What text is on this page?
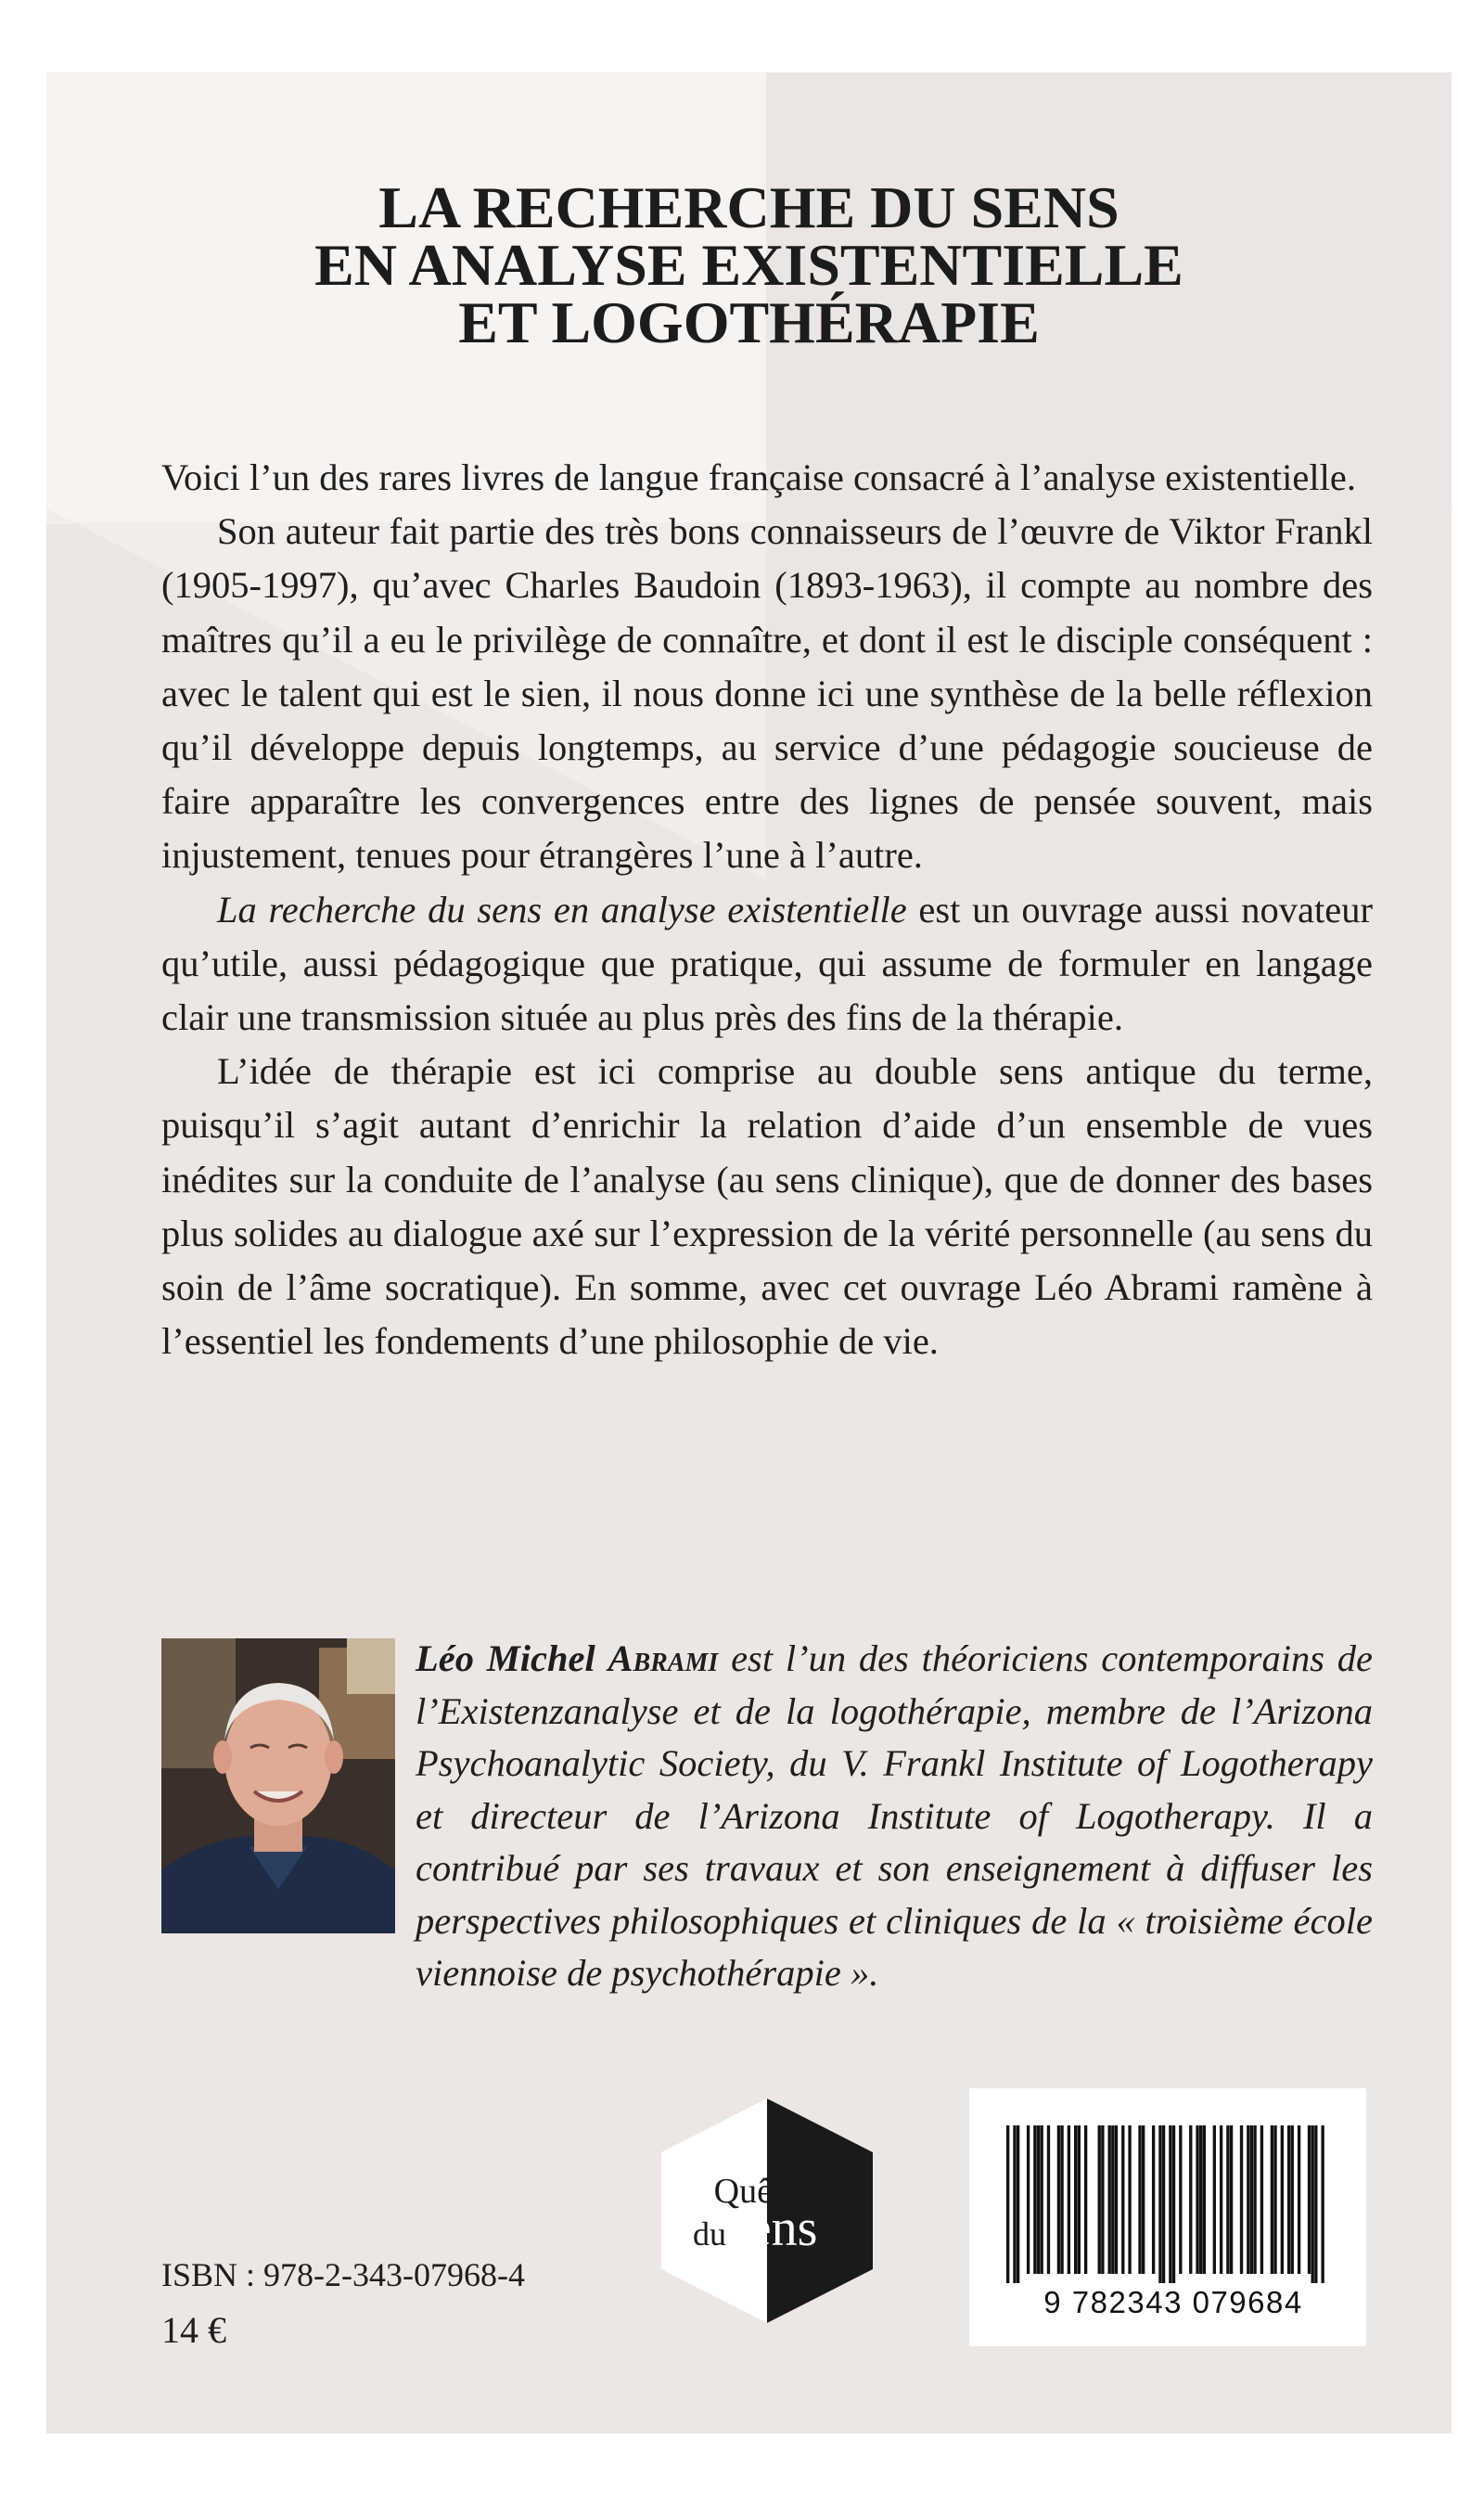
LA RECHERCHE DU SENS
EN ANALYSE EXISTENTIELLE
ET LOGOTHÉRAPIE

Voici l’un des rares livres de langue française consacré à l’analyse existentielle.

Son auteur fait partie des très bons connaisseurs de l’œuvre de Viktor Frankl (1905-1997), qu’avec Charles Baudoin (1893-1963), il compte au nombre des maîtres qu’il a eu le privilège de connaître, et dont il est le disciple conséquent : avec le talent qui est le sien, il nous donne ici une synthèse de la belle réflexion qu’il développe depuis longtemps, au service d’une pédagogie soucieuse de faire apparaître les convergences entre des lignes de pensée souvent, mais injustement, tenues pour étrangères l’une à l’autre.

La recherche du sens en analyse existentielle est un ouvrage aussi novateur qu’utile, aussi pédagogique que pratique, qui assume de formuler en langage clair une transmission située au plus près des fins de la thérapie.

L’idée de thérapie est ici comprise au double sens antique du terme, puisqu’il s’agit autant d’enrichir la relation d’aide d’un ensemble de vues inédites sur la conduite de l’analyse (au sens clinique), que de donner des bases plus solides au dialogue axé sur l’expression de la vérité personnelle (au sens du soin de l’âme socratique). En somme, avec cet ouvrage Léo Abrami ramène à l’essentiel les fondements d’une philosophie de vie.

Léo Michel Abrami est l’un des théoriciens contemporains de l’Existenzanalyse et de la logothérapie, membre de l’Arizona Psychoanalytic Society, du V. Frankl Institute of Logotherapy et directeur de l’Arizona Institute of Logotherapy. Il a contribué par ses travaux et son enseignement à diffuser les perspectives philosophiques et cliniques de la « troisième école viennoise de psychothérapie ».
Quête
du sens
9 782343 079684
ISBN : 978-2-343-07968-4
14 €
